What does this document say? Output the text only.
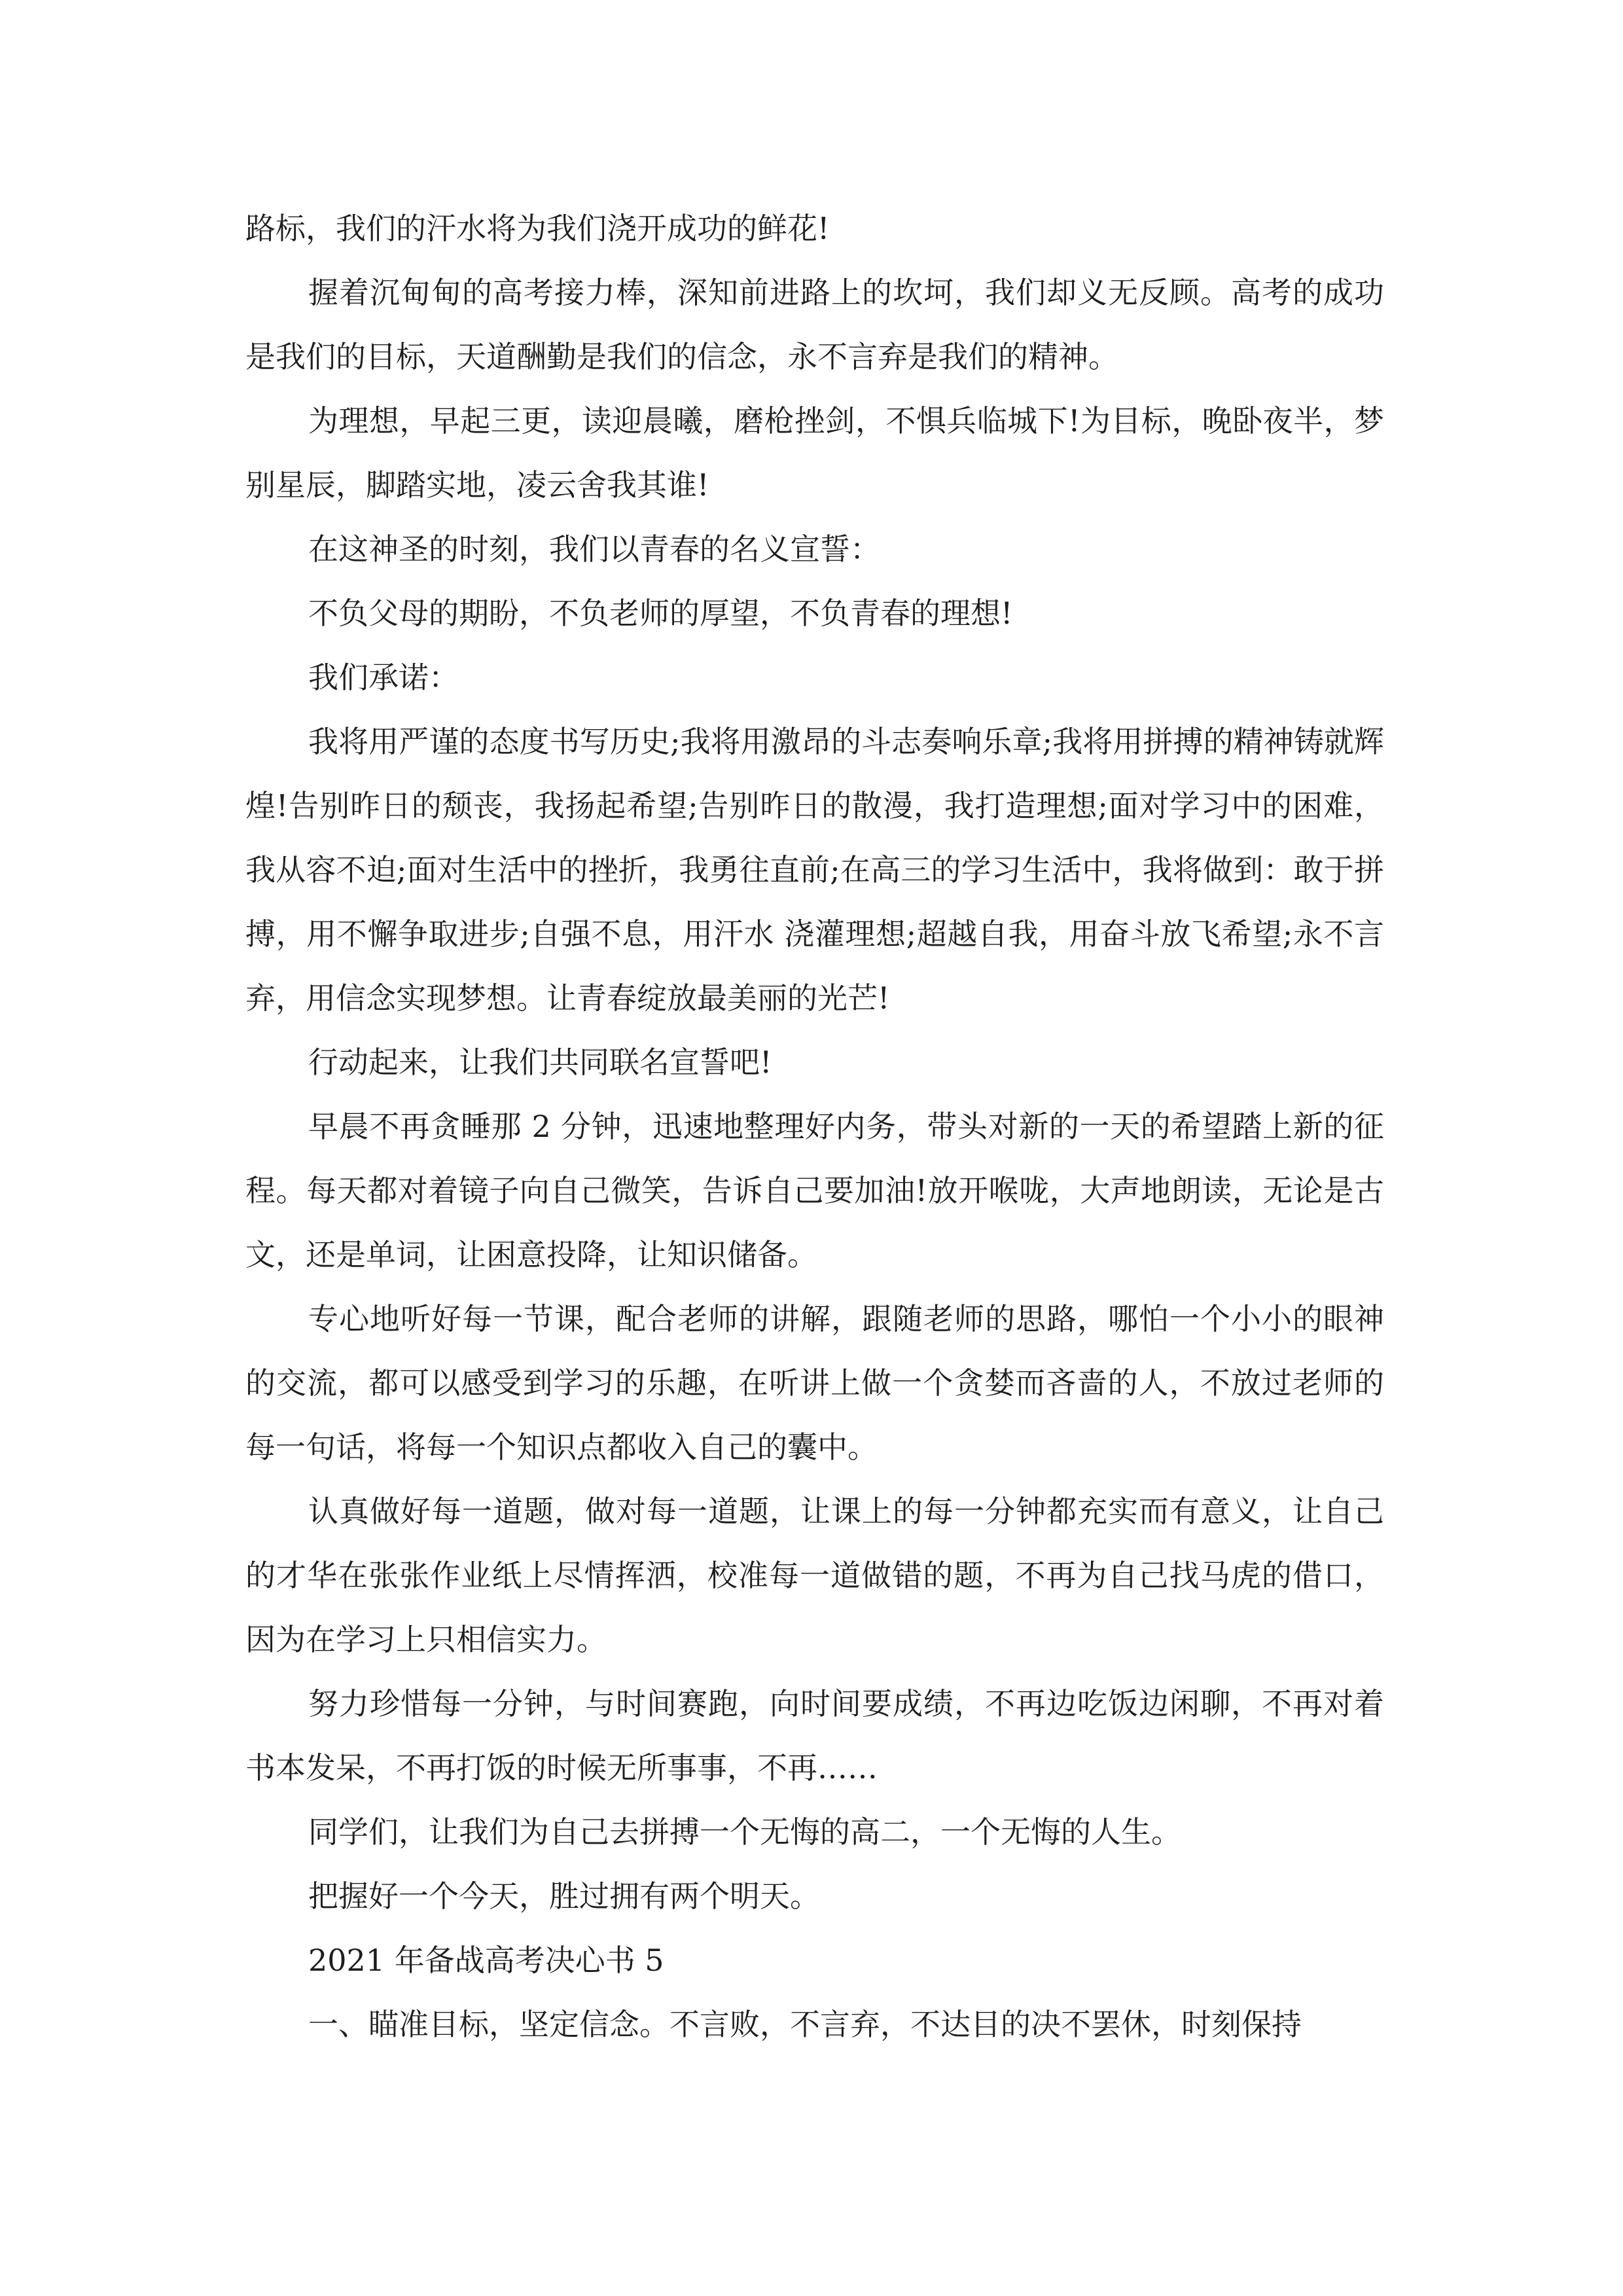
路标，我们的汗水将为我们浇开成功的鲜花!

握着沉甸甸的高考接力棒，深知前进路上的坎坷，我们却义无反顾。高考的成功是我们的目标，天道酬勤是我们的信念，永不言弃是我们的精神。

为理想，早起三更，读迎晨曦，磨枪挫剑，不惧兵临城下!为目标，晚卧夜半，梦别星辰，脚踏实地，凌云舍我其谁!

在这神圣的时刻，我们以青春的名义宣誓：

不负父母的期盼，不负老师的厚望，不负青春的理想!

我们承诺：

我将用严谨的态度书写历史;我将用激昂的斗志奏响乐章;我将用拼搏的精神铸就辉煌!告别昨日的颓丧，我扬起希望;告别昨日的散漫，我打造理想;面对学习中的困难，我从容不迫;面对生活中的挫折，我勇往直前;在高三的学习生活中，我将做到：敢于拼搏，用不懈争取进步;自强不息，用汗水 浇灌理想;超越自我，用奋斗放飞希望;永不言弃，用信念实现梦想。让青春绽放最美丽的光芒!

行动起来，让我们共同联名宣誓吧!

早晨不再贪睡那 2 分钟，迅速地整理好内务，带头对新的一天的希望踏上新的征程。每天都对着镜子向自己微笑，告诉自己要加油!放开喉咙，大声地朗读，无论是古文，还是单词，让困意投降，让知识储备。

专心地听好每一节课，配合老师的讲解，跟随老师的思路，哪怕一个小小的眼神的交流，都可以感受到学习的乐趣，在听讲上做一个贪婪而吝啬的人，不放过老师的每一句话，将每一个知识点都收入自己的囊中。

认真做好每一道题，做对每一道题，让课上的每一分钟都充实而有意义，让自己的才华在张张作业纸上尽情挥洒，校准每一道做错的题，不再为自己找马虎的借口，因为在学习上只相信实力。

努力珍惜每一分钟，与时间赛跑，向时间要成绩，不再边吃饭边闲聊，不再对着书本发呆，不再打饭的时候无所事事，不再……

同学们，让我们为自己去拼搏一个无悔的高二，一个无悔的人生。

把握好一个今天，胜过拥有两个明天。

2021 年备战高考决心书 5

一、瞄准目标，坚定信念。不言败，不言弃，不达目的决不罢休，时刻保持
